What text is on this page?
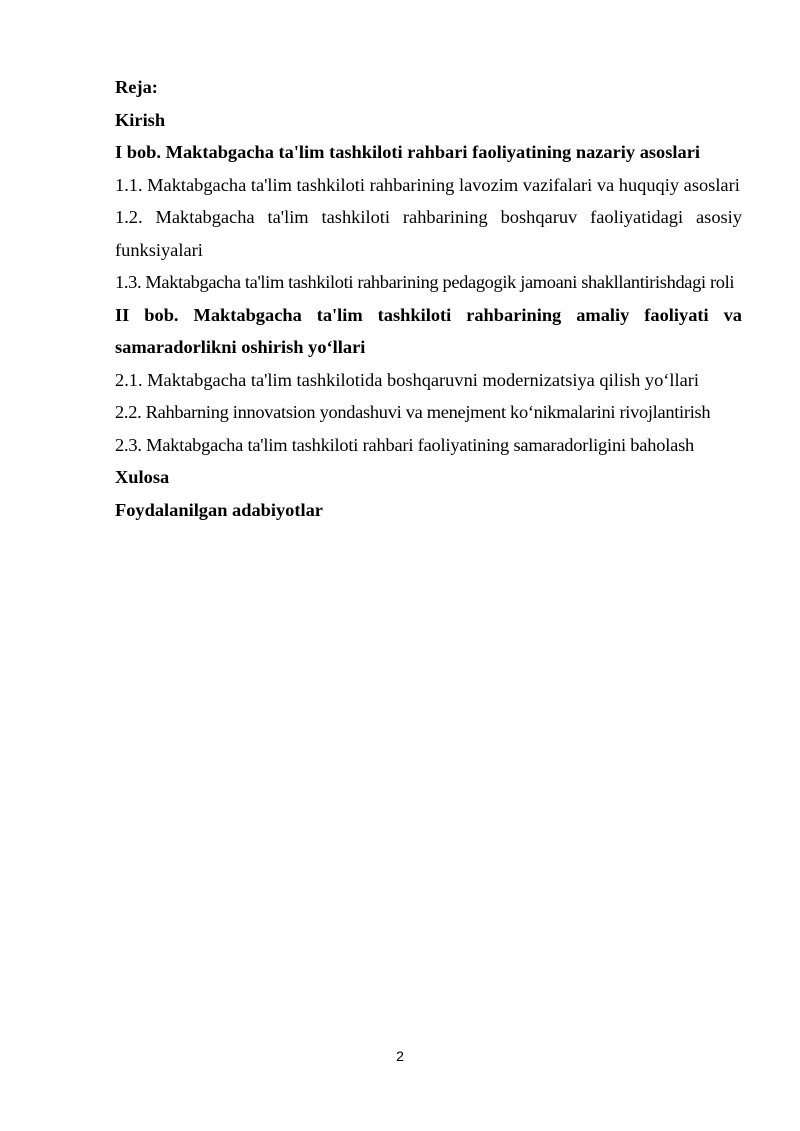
Reja:

Kirish

I bob. Maktabgacha ta'lim tashkiloti rahbari faoliyatining nazariy asoslari

1.1. Maktabgacha ta'lim tashkiloti rahbarining lavozim vazifalari va huquqiy asoslari

1.2. Maktabgacha ta'lim tashkiloti rahbarining boshqaruv faoliyatidagi asosiy funksiyalari

1.3. Maktabgacha ta'lim tashkiloti rahbarining pedagogik jamoani shakllantirishdagi roli

II bob. Maktabgacha ta'lim tashkiloti rahbarining amaliy faoliyati va samaradorlikni oshirish yo‘llari

2.1. Maktabgacha ta'lim tashkilotida boshqaruvni modernizatsiya qilish yo‘llari

2.2. Rahbarning innovatsion yondashuvi va menejment ko‘nikmalarini rivojlantirish

2.3. Maktabgacha ta'lim tashkiloti rahbari faoliyatining samaradorligini baholash

Xulosa

Foydalanilgan adabiyotlar

2
